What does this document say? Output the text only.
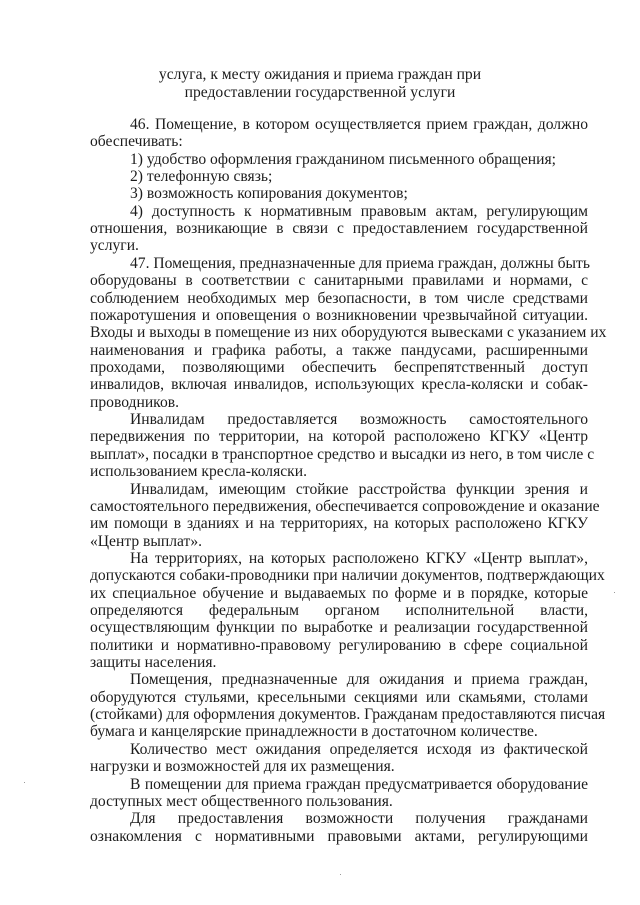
услуга, к месту ожидания и приема граждан при
предоставлении государственной услуги
46. Помещение, в котором осуществляется прием граждан, должно
обеспечивать:
1) удобство оформления гражданином письменного обращения;
2) телефонную связь;
3) возможность копирования документов;
4) доступность к нормативным правовым актам, регулирующим
отношения, возникающие в связи с предоставлением государственной
услуги.
47. Помещения, предназначенные для приема граждан, должны быть
оборудованы в соответствии с санитарными правилами и нормами, с
соблюдением необходимых мер безопасности, в том числе средствами
пожаротушения и оповещения о возникновении чрезвычайной ситуации.
Входы и выходы в помещение из них оборудуются вывесками с указанием их
наименования и графика работы, а также пандусами, расширенными
проходами, позволяющими обеспечить беспрепятственный доступ
инвалидов, включая инвалидов, использующих кресла-коляски и собак-
проводников.
Инвалидам предоставляется возможность самостоятельного
передвижения по территории, на которой расположено КГКУ «Центр
выплат», посадки в транспортное средство и высадки из него, в том числе с
использованием кресла-коляски.
Инвалидам, имеющим стойкие расстройства функции зрения и
самостоятельного передвижения, обеспечивается сопровождение и оказание
им помощи в зданиях и на территориях, на которых расположено КГКУ
«Центр выплат».
На территориях, на которых расположено КГКУ «Центр выплат»,
допускаются собаки-проводники при наличии документов, подтверждающих
их специальное обучение и выдаваемых по форме и в порядке, которые
определяются федеральным органом исполнительной власти,
осуществляющим функции по выработке и реализации государственной
политики и нормативно-правовому регулированию в сфере социальной
защиты населения.
Помещения, предназначенные для ожидания и приема граждан,
оборудуются стульями, кресельными секциями или скамьями, столами
(стойками) для оформления документов. Гражданам предоставляются писчая
бумага и канцелярские принадлежности в достаточном количестве.
Количество мест ожидания определяется исходя из фактической
нагрузки и возможностей для их размещения.
В помещении для приема граждан предусматривается оборудование
доступных мест общественного пользования.
Для предоставления возможности получения гражданами
ознакомления с нормативными правовыми актами, регулирующими
